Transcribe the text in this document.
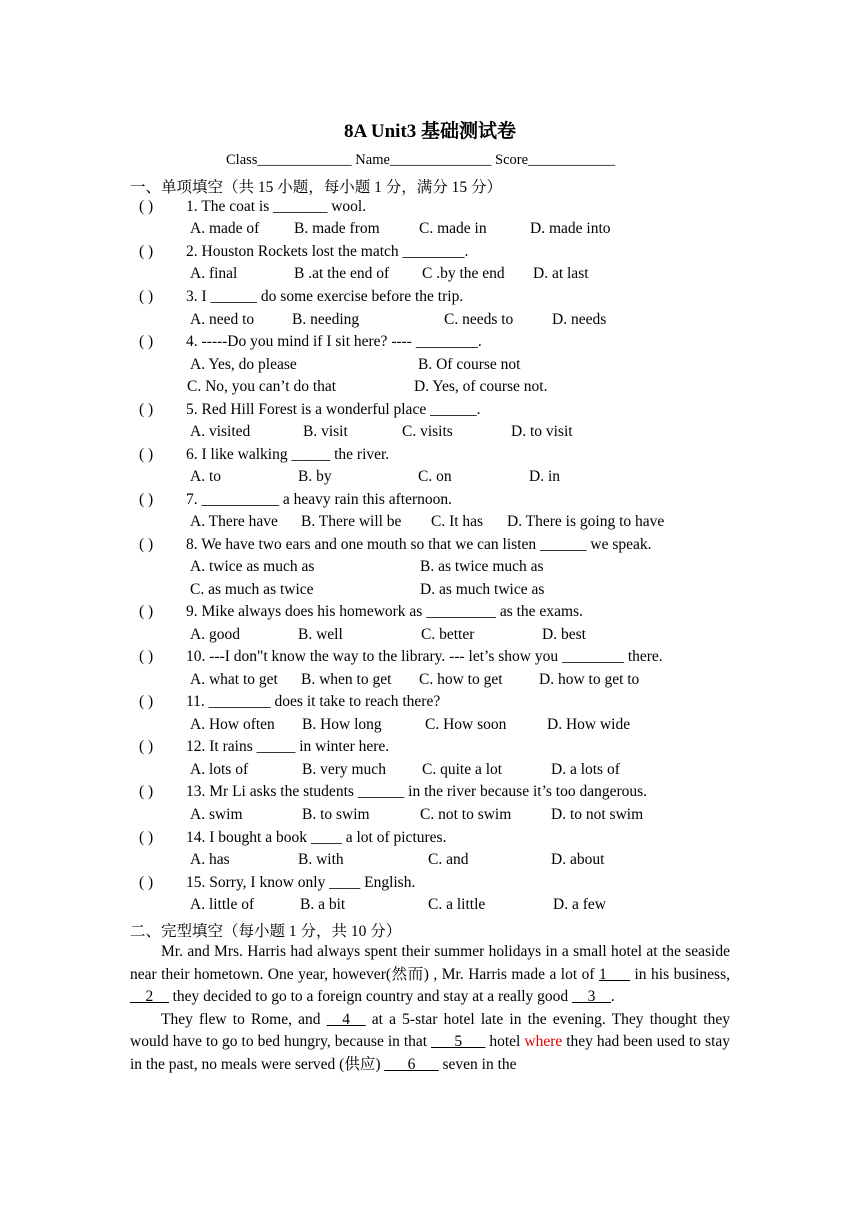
8A Unit3 基础测试卷
Class_____________ Name______________ Score____________
一、单项填空（共 15 小题，每小题 1 分，满分 15 分）
( ) 1. The coat is _______ wool.
A. made of B. made from	C. made in	D. made into
( ) 2. Houston Rockets lost the match ________.
A. final	B .at the end of C .by the end D. at last
( ) 3. I ______ do some exercise before the trip.
A. need to B. needing	C. needs to D. needs
( ) 4. -----Do you mind if I sit here? ---- ________.
A. Yes, do please	B. Of course not
C. No, you can’t do that	D. Yes, of course not.
( ) 5. Red Hill Forest is a wonderful place ______.
A. visited	B. visit	C. visits	D. to visit
( ) 6. I like walking _____ the river.
A. to	B. by	C. on	D. in
( ) 7. __________ a heavy rain this afternoon.
A. There have B. There will be C. It has D. There is going to have
( ) 8. We have two ears and one mouth so that we can listen ______ we speak.
A. twice as much as	B. as twice much as
C. as much as twice	D. as much twice as
( ) 9. Mike always does his homework as _________ as the exams.
A. good	B. well	C. better	D. best
( ) 10. ---I don"t know the way to the library. --- let’s show you ________ there.
A. what to get B. when to get C. how to get D. how to get to
( ) 11. ________ does it take to reach there?
A. How often B. How long	C. How soon	D. How wide
( ) 12. It rains _____ in winter here.
A. lots of	B. very much C. quite a lot	D. a lots of
( ) 13. Mr Li asks the students ______ in the river because it’s too dangerous.
A. swim	B. to swim	C. not to swim	D. to not swim
( ) 14. I bought a book ____ a lot of pictures.
A. has	B. with	C. and	D. about
( ) 15. Sorry, I know only ____ English.
A. little of	B. a bit	C. a little	D. a few
二、完型填空（每小题 1 分，共 10 分）

Mr. and Mrs. Harris had always spent their summer holidays in a small hotel at the seaside near their hometown. One year, however(然而) , Mr. Harris made a lot of 1___ in his business, __2__ they decided to go to a foreign country and stay at a really good __3__.

They flew to Rome, and __4__ at a 5-star hotel late in the evening. They thought they would have to go to bed hungry, because in that ___5___ hotel where they had been used to stay in the past, no meals were served (供应) ___6___ seven in the
